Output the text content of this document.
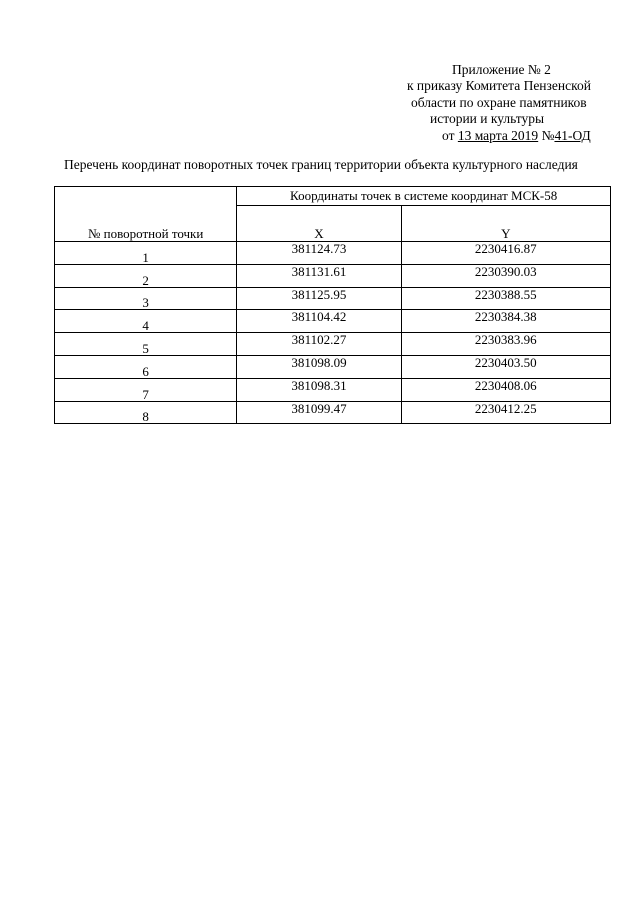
Приложение № 2
к приказу Комитета Пензенской
области по охране памятников
истории и культуры
от 13 марта 2019 №41-ОД
Перечень координат поворотных точек границ территории объекта культурного наследия
№ поворотной точки	Координаты точек в системе координат МСК-58	
	X	Y
1	381124.73	2230416.87
2	381131.61	2230390.03
3	381125.95	2230388.55
4	381104.42	2230384.38
5	381102.27	2230383.96
6	381098.09	2230403.50
7	381098.31	2230408.06
8	381099.47	2230412.25
